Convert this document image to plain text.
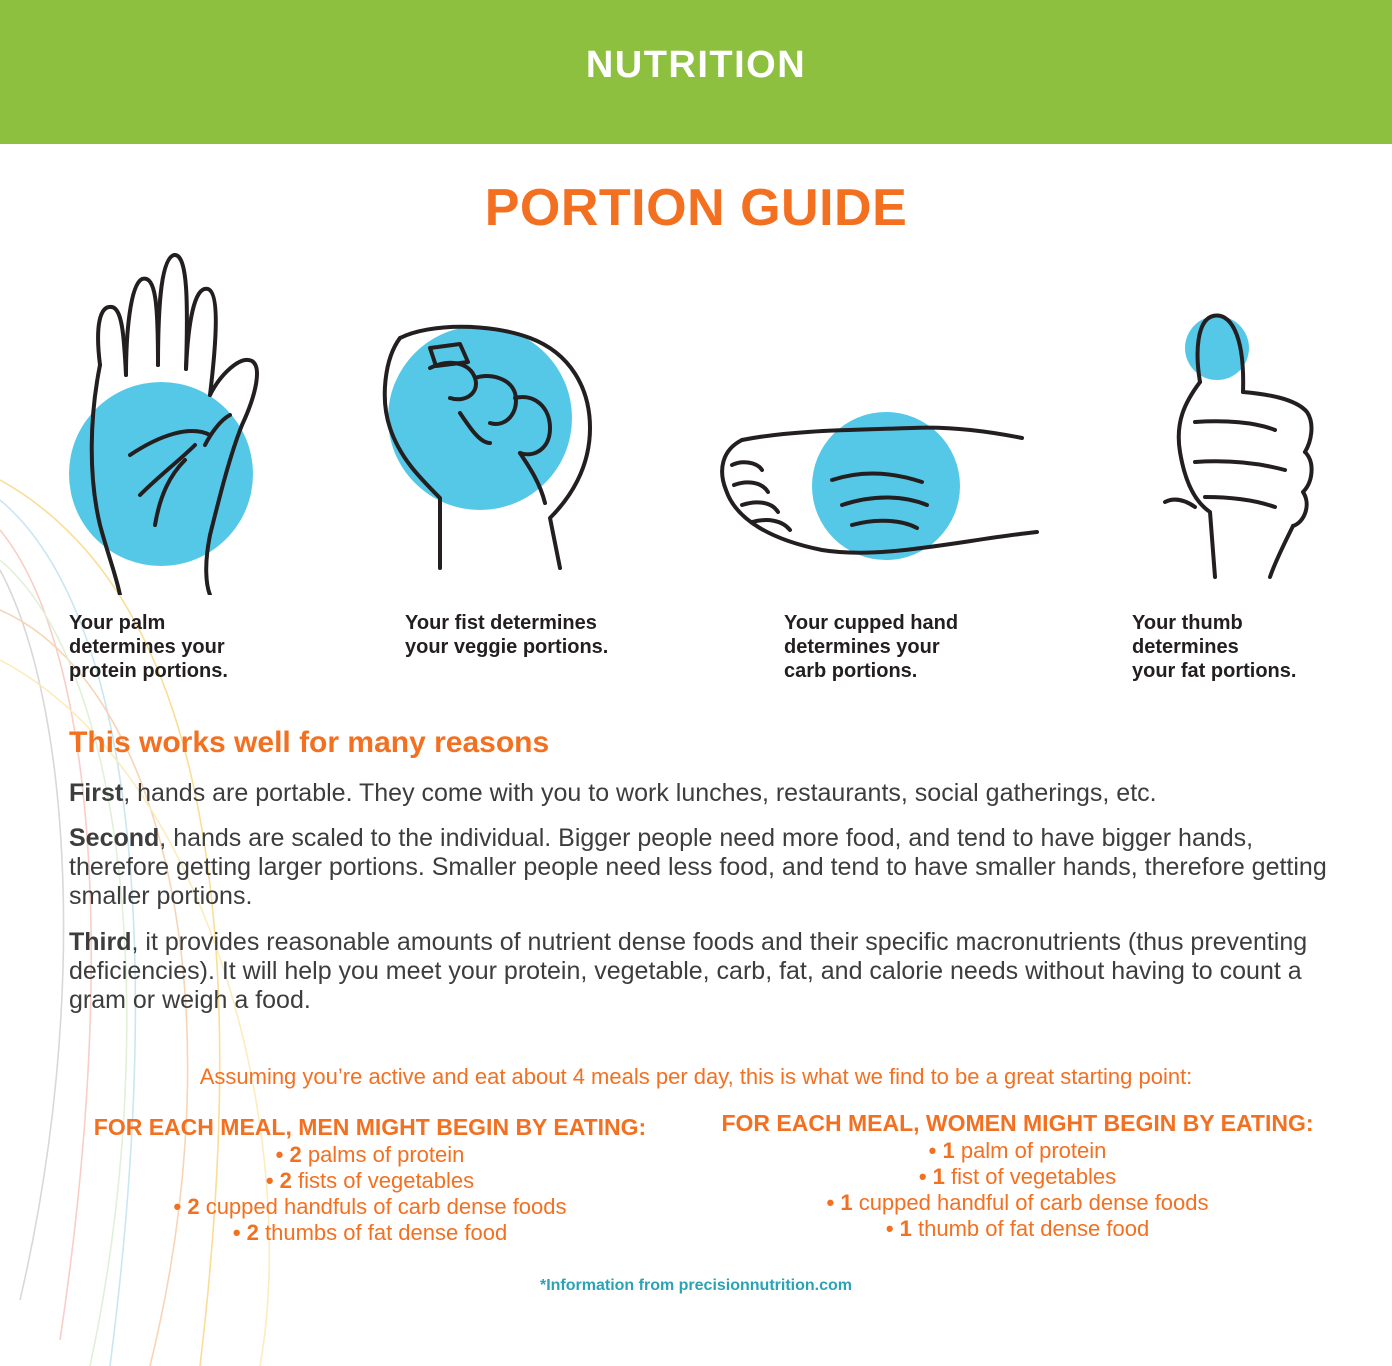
NUTRITION
PORTION GUIDE
Your palm
determines your
protein portions.
Your fist determines
your veggie portions.
Your cupped hand
determines your
carb portions.
Your thumb
determines
your fat portions.
This works well for many reasons
First, hands are portable. They come with you to work lunches, restaurants, social gatherings, etc.
Second, hands are scaled to the individual. Bigger people need more food, and tend to have bigger hands, therefore getting larger portions. Smaller people need less food, and tend to have smaller hands, therefore getting smaller portions.
Third, it provides reasonable amounts of nutrient dense foods and their specific macronutrients (thus preventing deficiencies). It will help you meet your protein, vegetable, carb, fat, and calorie needs without having to count a gram or weigh a food.
Assuming you’re active and eat about 4 meals per day, this is what we find to be a great starting point:
FOR EACH MEAL, MEN MIGHT BEGIN BY EATING:
• 2 palms of protein
• 2 fists of vegetables
• 2 cupped handfuls of carb dense foods
• 2 thumbs of fat dense food
FOR EACH MEAL, WOMEN MIGHT BEGIN BY EATING:
• 1 palm of protein
• 1 fist of vegetables
• 1 cupped handful of carb dense foods
• 1 thumb of fat dense food
*Information from precisionnutrition.com
